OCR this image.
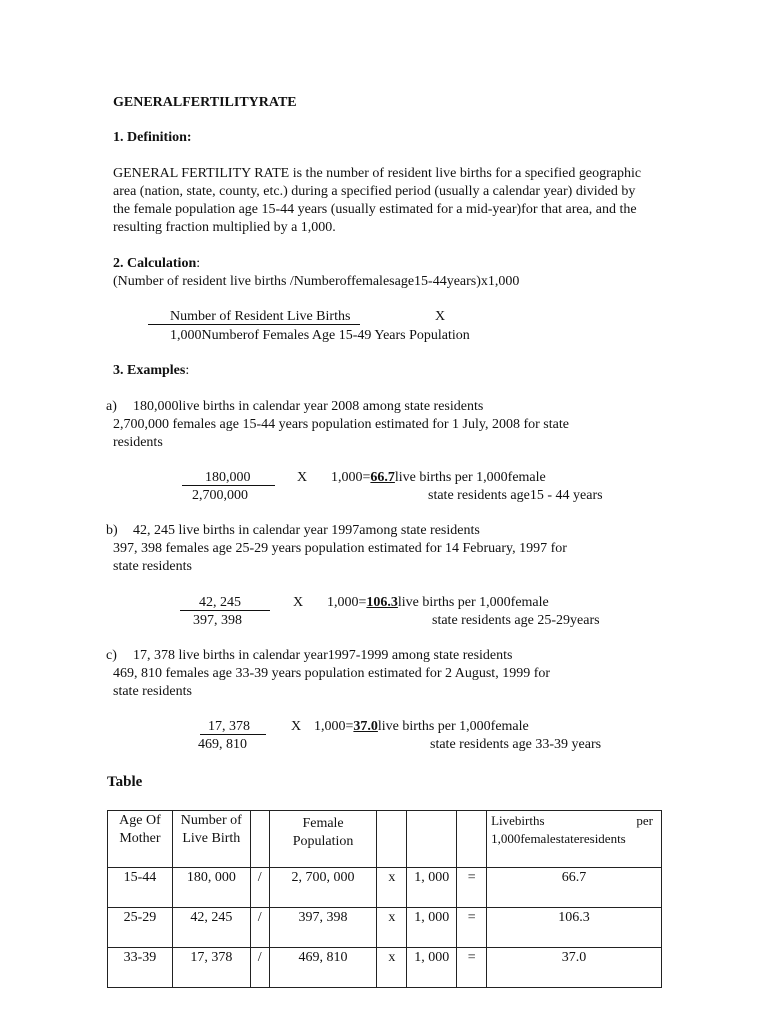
GENERALFERTILITYRATE
1. Definition:
GENERAL FERTILITY RATE is the number of resident live births for a specified geographic area (nation, state, county, etc.) during a specified period (usually a calendar year) divided by the female population age 15-44 years (usually estimated for a mid-year)for that area, and the resulting fraction multiplied by a 1,000.
2. Calculation:
(Number of resident live births /Numberoffemalesage15-44years)x1,000
Number of Resident Live Births	X
1,000Numberof Females Age 15-49 Years Population
3. Examples:
a) 180,000live births in calendar year 2008 among state residents
2,700,000 females age 15-44 years population estimated for 1 July, 2008 for state
residents
180,000
2,700,000
X 1,000=66.7live births per 1,000female
state residents age15 - 44 years
b) 42, 245 live births in calendar year 1997among state residents
397, 398 females age 25-29 years population estimated for 14 February, 1997 for
state residents
42, 245
397, 398
X 1,000=106.3live births per 1,000female
state residents age 25-29years
c) 17, 378 live births in calendar year1997-1999 among state residents
469, 810 females age 33-39 years population estimated for 2 August, 1999 for
state residents
17, 378
469, 810
X 1,000=37.0live births per 1,000female
state residents age 33-39 years
Table
Age Of Mother	Number of Live Birth		Female Population				Livebirths per
1,000femalestateresidents

15-44	180, 000	/	2, 700, 000	x	1, 000	=	66.7
25-29	42, 245	/	397, 398	x	1, 000	=	106.3
33-39	17, 378	/	469, 810	x	1, 000	=	37.0
